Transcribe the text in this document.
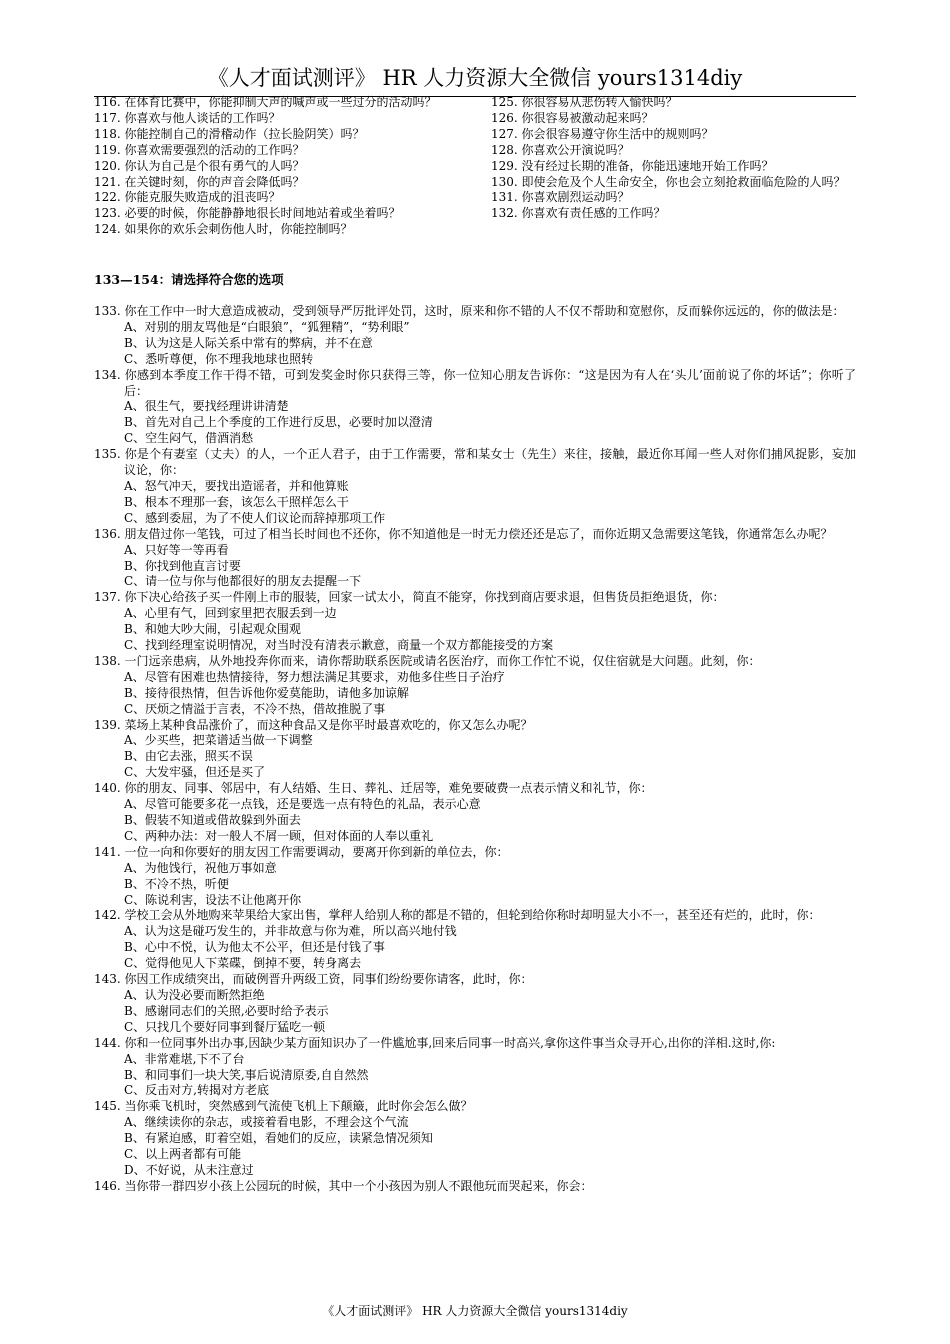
《人才面试测评》 HR 人力资源大全微信 yours1314diy
116. 在体育比赛中，你能抑制大声的喊声或一些过分的活动吗？
117. 你喜欢与他人谈话的工作吗？
118. 你能控制自己的滑稽动作（拉长脸阴笑）吗？
119. 你喜欢需要强烈的活动的工作吗？
120. 你认为自己是个很有勇气的人吗？
121. 在关键时刻，你的声音会降低吗？
122. 你能克服失败造成的沮丧吗？
123. 必要的时候，你能静静地很长时间地站着或坐着吗？
124. 如果你的欢乐会刺伤他人时，你能控制吗？
125. 你很容易从悲伤转入愉快吗？
126. 你很容易被激动起来吗？
127. 你会很容易遵守你生活中的规则吗？
128. 你喜欢公开演说吗？
129. 没有经过长期的准备，你能迅速地开始工作吗？
130. 即使会危及个人生命安全，你也会立刻抢救面临危险的人吗？
131. 你喜欢剧烈运动吗？
132. 你喜欢有责任感的工作吗？
133—154：请选择符合您的选项
133. 你在工作中一时大意造成被动，受到领导严厉批评处罚，这时，原来和你不错的人不仅不帮助和宽慰你，反而躲你远远的，你的做法是：
A、对别的朋友骂他是“白眼狼”，“狐狸精”，“势利眼”
B、认为这是人际关系中常有的弊病，并不在意
C、悉听尊便，你不理我地球也照转
134. 你感到本季度工作干得不错，可到发奖金时你只获得三等，你一位知心朋友告诉你：“这是因为有人在‘头儿’面前说了你的坏话”；你听了后：
A、很生气，要找经理讲讲清楚
B、首先对自己上个季度的工作进行反思，必要时加以澄清
C、空生闷气，借酒消愁
135. 你是个有妻室（丈夫）的人，一个正人君子，由于工作需要，常和某女士（先生）来往，接触，最近你耳闻一些人对你们捕风捉影，妄加议论，你：
A、怒气冲天，要找出造谣者，并和他算账
B、根本不理那一套，该怎么干照样怎么干
C、感到委屈，为了不使人们议论而辞掉那项工作
136. 朋友借过你一笔钱，可过了相当长时间也不还你，你不知道他是一时无力偿还还是忘了，而你近期又急需要这笔钱，你通常怎么办呢？
A、只好等一等再看
B、你找到他直言讨要
C、请一位与你与他都很好的朋友去提醒一下
137. 你下决心给孩子买一件刚上市的服装，回家一试太小，简直不能穿，你找到商店要求退，但售货员拒绝退货，你：
A、心里有气，回到家里把衣服丢到一边
B、和她大吵大闹，引起观众围观
C、找到经理室说明情况，对当时没有清表示歉意，商量一个双方都能接受的方案
138. 一门远亲患病，从外地投奔你而来，请你帮助联系医院或请名医治疗，而你工作忙不说，仅住宿就是大问题。此刻，你：
A、尽管有困难也热情接待，努力想法满足其要求，劝他多住些日子治疗
B、接待很热情，但告诉他你爱莫能助，请他多加谅解
C、厌烦之情溢于言表，不冷不热，借故推脱了事
139. 菜场上某种食品涨价了，而这种食品又是你平时最喜欢吃的，你又怎么办呢？
A、少买些，把菜谱适当做一下调整
B、由它去涨，照买不误
C、大发牢骚，但还是买了
140. 你的朋友、同事、邻居中，有人结婚、生日、葬礼、迁居等，难免要破费一点表示情义和礼节，你：
A、尽管可能要多花一点钱，还是要选一点有特色的礼品，表示心意
B、假装不知道或借故躲到外面去
C、两种办法：对一般人不屑一顾，但对体面的人奉以重礼
141. 一位一向和你要好的朋友因工作需要调动，要离开你到新的单位去，你：
A、为他饯行，祝他万事如意
B、不冷不热，听便
C、陈说利害，设法不让他离开你
142. 学校工会从外地购来苹果给大家出售，掌秤人给别人称的都是不错的，但轮到给你称时却明显大小不一，甚至还有烂的，此时，你：
A、认为这是碰巧发生的，并非故意与你为难，所以高兴地付钱
B、心中不悦，认为他太不公平，但还是付钱了事
C、觉得他见人下菜碟，倒掉不要，转身离去
143. 你因工作成绩突出，而破例晋升两级工资，同事们纷纷要你请客，此时，你：
A、认为没必要而断然拒绝
B、感谢同志们的关照,必要时给予表示
C、只找几个要好同事到餐厅猛吃一顿
144. 你和一位同事外出办事,因缺少某方面知识办了一件尴尬事,回来后同事一时高兴,拿你这件事当众寻开心,出你的洋相.这时,你:
A、非常难堪,下不了台
B、和同事们一块大笑,事后说清原委,自自然然
C、反击对方,转揭对方老底
145. 当你乘飞机时，突然感到气流使飞机上下颠簸，此时你会怎么做？
A、继续读你的杂志，或接着看电影，不理会这个气流
B、有紧迫感，盯着空姐，看她们的反应，读紧急情况须知
C、以上两者都有可能
D、不好说，从未注意过
146. 当你带一群四岁小孩上公园玩的时候，其中一个小孩因为别人不跟他玩而哭起来，你会：
《人才面试测评》 HR 人力资源大全微信 yours1314diy
